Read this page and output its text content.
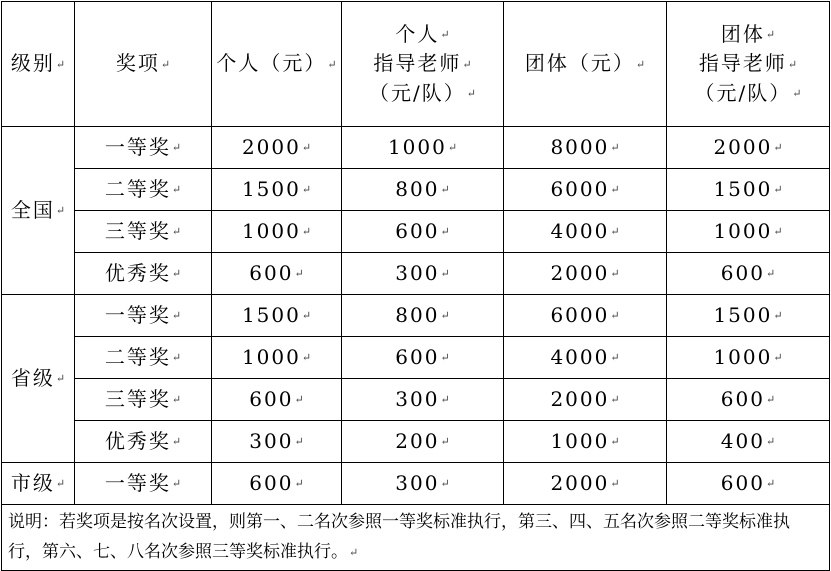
级别 ↵	奖项 ↵	个人（元） ↵	个人 ↵
指导老师 ↵
（元/队） ↵	团体（元） ↵	团体 ↵
指导老师 ↵
（元/队） ↵

全国 ↵	一等奖 ↵	2000 ↵	1000 ↵	8000 ↵	2000 ↵
	二等奖 ↵	1500 ↵	800 ↵	6000 ↵	1500 ↵
	三等奖 ↵	1000 ↵	600 ↵	4000 ↵	1000 ↵
	优秀奖 ↵	600 ↵	300 ↵	2000 ↵	600 ↵
省级 ↵	一等奖 ↵	1500 ↵	800 ↵	6000 ↵	1500 ↵
	二等奖 ↵	1000 ↵	600 ↵	4000 ↵	1000 ↵
	三等奖 ↵	600 ↵	300 ↵	2000 ↵	600 ↵
	优秀奖 ↵	300 ↵	200 ↵	1000 ↵	400 ↵
市级 ↵	一等奖 ↵	600 ↵	300 ↵	2000 ↵	600 ↵
说明：若奖项是按名次设置，则第一、二名次参照一等奖标准执行，第三、四、五名次参照二等奖标准执行，第六、七、八名次参照三等奖标准执行。 ↵
